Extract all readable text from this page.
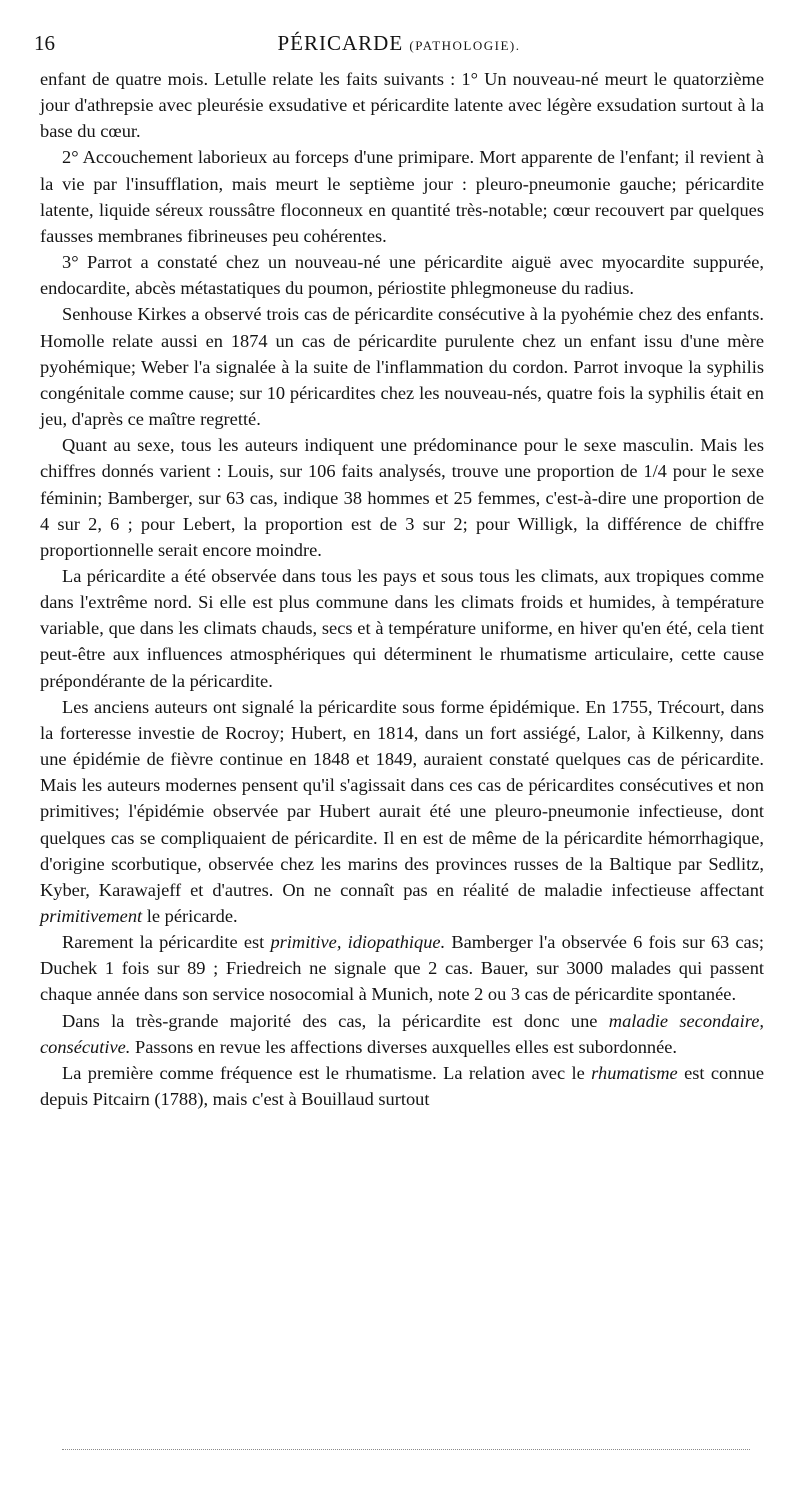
16	PÉRICARDE (PATHOLOGIE).

enfant de quatre mois. Letulle relate les faits suivants : 1° Un nouveau-né meurt le quatorzième jour d'athrepsie avec pleurésie exsudative et péricardite latente avec légère exsudation surtout à la base du cœur.

2° Accouchement laborieux au forceps d'une primipare. Mort apparente de l'enfant; il revient à la vie par l'insufflation, mais meurt le septième jour : pleuro-pneumonie gauche; péricardite latente, liquide séreux roussâtre floconneux en quantité très-notable; cœur recouvert par quelques fausses membranes fibrineuses peu cohérentes.

3° Parrot a constaté chez un nouveau-né une péricardite aiguë avec myocardite suppurée, endocardite, abcès métastatiques du poumon, périostite phlegmoneuse du radius.

Senhouse Kirkes a observé trois cas de péricardite consécutive à la pyohémie chez des enfants. Homolle relate aussi en 1874 un cas de péricardite purulente chez un enfant issu d'une mère pyohémique; Weber l'a signalée à la suite de l'inflammation du cordon. Parrot invoque la syphilis congénitale comme cause; sur 10 péricardites chez les nouveau-nés, quatre fois la syphilis était en jeu, d'après ce maître regretté.

Quant au sexe, tous les auteurs indiquent une prédominance pour le sexe masculin. Mais les chiffres donnés varient : Louis, sur 106 faits analysés, trouve une proportion de 1/4 pour le sexe féminin; Bamberger, sur 63 cas, indique 38 hommes et 25 femmes, c'est-à-dire une proportion de 4 sur 2, 6 ; pour Lebert, la proportion est de 3 sur 2; pour Willigk, la différence de chiffre proportionnelle serait encore moindre.

La péricardite a été observée dans tous les pays et sous tous les climats, aux tropiques comme dans l'extrême nord. Si elle est plus commune dans les climats froids et humides, à température variable, que dans les climats chauds, secs et à température uniforme, en hiver qu'en été, cela tient peut-être aux influences atmosphériques qui déterminent le rhumatisme articulaire, cette cause prépondérante de la péricardite.

Les anciens auteurs ont signalé la péricardite sous forme épidémique. En 1755, Trécourt, dans la forteresse investie de Rocroy; Hubert, en 1814, dans un fort assiégé, Lalor, à Kilkenny, dans une épidémie de fièvre continue en 1848 et 1849, auraient constaté quelques cas de péricardite. Mais les auteurs modernes pensent qu'il s'agissait dans ces cas de péricardites consécutives et non primitives; l'épidémie observée par Hubert aurait été une pleuro-pneumonie infectieuse, dont quelques cas se compliquaient de péricardite. Il en est de même de la péricardite hémorrhagique, d'origine scorbutique, observée chez les marins des provinces russes de la Baltique par Sedlitz, Kyber, Karawajeff et d'autres. On ne connaît pas en réalité de maladie infectieuse affectant primitivement le péricarde.

Rarement la péricardite est primitive, idiopathique. Bamberger l'a observée 6 fois sur 63 cas; Duchek 1 fois sur 89 ; Friedreich ne signale que 2 cas. Bauer, sur 3000 malades qui passent chaque année dans son service nosocomial à Munich, note 2 ou 3 cas de péricardite spontanée.

Dans la très-grande majorité des cas, la péricardite est donc une maladie secondaire, consécutive. Passons en revue les affections diverses auxquelles elles est subordonnée.

La première comme fréquence est le rhumatisme. La relation avec le rhumatisme est connue depuis Pitcairn (1788), mais c'est à Bouillaud surtout
